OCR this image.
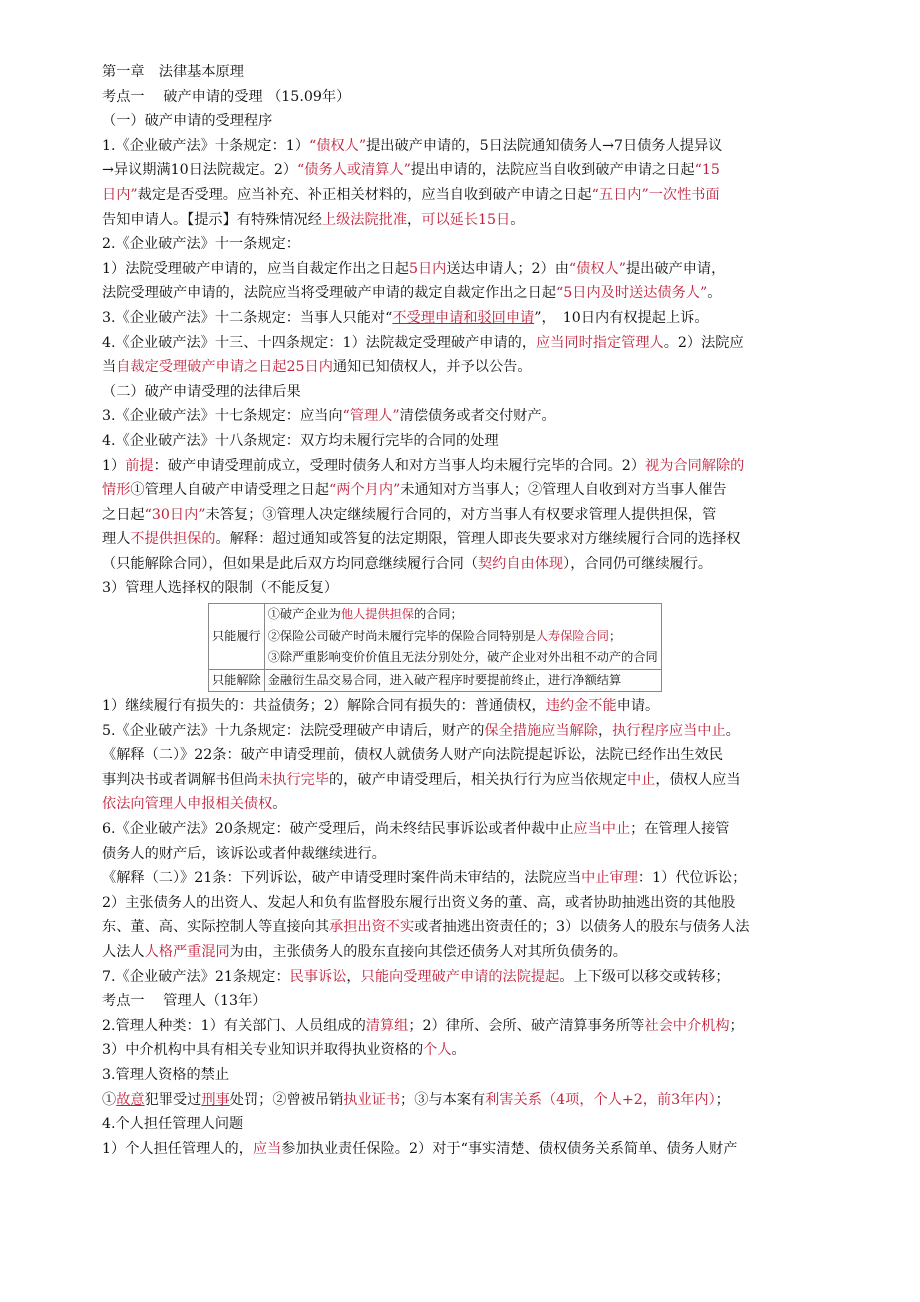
第一章　法律基本原理
考点一　 破产申请的受理 （15.09年）
（一）破产申请的受理程序
1.《企业破产法》十条规定：1）“债权人”提出破产申请的，5日法院通知债务人→7日债务人提异议
→异议期满10日法院裁定。2）“债务人或清算人”提出申请的，法院应当自收到破产申请之日起“15
日内”裁定是否受理。应当补充、补正相关材料的，应当自收到破产申请之日起“五日内”一次性书面
告知申请人。【提示】有特殊情况经上级法院批准，可以延长15日。
2.《企业破产法》十一条规定：
1）法院受理破产申请的，应当自裁定作出之日起5日内送达申请人；2）由“债权人”提出破产申请，
法院受理破产申请的，法院应当将受理破产申请的裁定自裁定作出之日起“5日内及时送达债务人”。
3.《企业破产法》十二条规定：当事人只能对“不受理申请和驳回申请”，　10日内有权提起上诉。
4.《企业破产法》十三、十四条规定：1）法院裁定受理破产申请的，应当同时指定管理人。2）法院应
当自裁定受理破产申请之日起25日内通知已知债权人，并予以公告。
（二）破产申请受理的法律后果
3.《企业破产法》十七条规定：应当向“管理人”清偿债务或者交付财产。
4.《企业破产法》十八条规定：双方均未履行完毕的合同的处理
1）前提：破产申请受理前成立，受理时债务人和对方当事人均未履行完毕的合同。2）视为合同解除的
情形①管理人自破产申请受理之日起“两个月内”未通知对方当事人；②管理人自收到对方当事人催告
之日起“30日内”未答复；③管理人决定继续履行合同的，对方当事人有权要求管理人提供担保，管
理人不提供担保的。解释：超过通知或答复的法定期限，管理人即丧失要求对方继续履行合同的选择权
（只能解除合同），但如果是此后双方均同意继续履行合同（契约自由体现），合同仍可继续履行。
3）管理人选择权的限制（不能反复）
只能履行	①破产企业为他人提供担保的合同；
②保险公司破产时尚未履行完毕的保险合同特别是人寿保险合同；
③除严重影响变价价值且无法分别处分，破产企业对外出租不动产的合同

只能解除	金融衍生品交易合同，进入破产程序时要提前终止，进行净额结算
1）继续履行有损失的：共益债务；2）解除合同有损失的：普通债权，违约金不能申请。
5.《企业破产法》十九条规定：法院受理破产申请后，财产的保全措施应当解除，执行程序应当中止。
《解释（二）》22条：破产申请受理前，债权人就债务人财产向法院提起诉讼，法院已经作出生效民
事判决书或者调解书但尚未执行完毕的，破产申请受理后，相关执行行为应当依规定中止，债权人应当
依法向管理人申报相关债权。
6.《企业破产法》20条规定：破产受理后，尚未终结民事诉讼或者仲裁中止应当中止；在管理人接管
债务人的财产后，该诉讼或者仲裁继续进行。
《解释（二）》21条：下列诉讼，破产申请受理时案件尚未审结的，法院应当中止审理：1）代位诉讼；
2）主张债务人的出资人、发起人和负有监督股东履行出资义务的董、高，或者协助抽逃出资的其他股
东、董、高、实际控制人等直接向其承担出资不实或者抽逃出资责任的；3）以债务人的股东与债务人法
人法人人格严重混同为由，主张债务人的股东直接向其偿还债务人对其所负债务的。
7.《企业破产法》21条规定：民事诉讼，只能向受理破产申请的法院提起。上下级可以移交或转移；
考点一　 管理人（13年）
2.管理人种类：1）有关部门、人员组成的清算组；2）律所、会所、破产清算事务所等社会中介机构；
3）中介机构中具有相关专业知识并取得执业资格的个人。
3.管理人资格的禁止
①故意犯罪受过刑事处罚；②曾被吊销执业证书；③与本案有利害关系（4项，个人+2，前3年内）；
4.个人担任管理人问题
1）个人担任管理人的，应当参加执业责任保险。2）对于“事实清楚、债权债务关系简单、债务人财产
